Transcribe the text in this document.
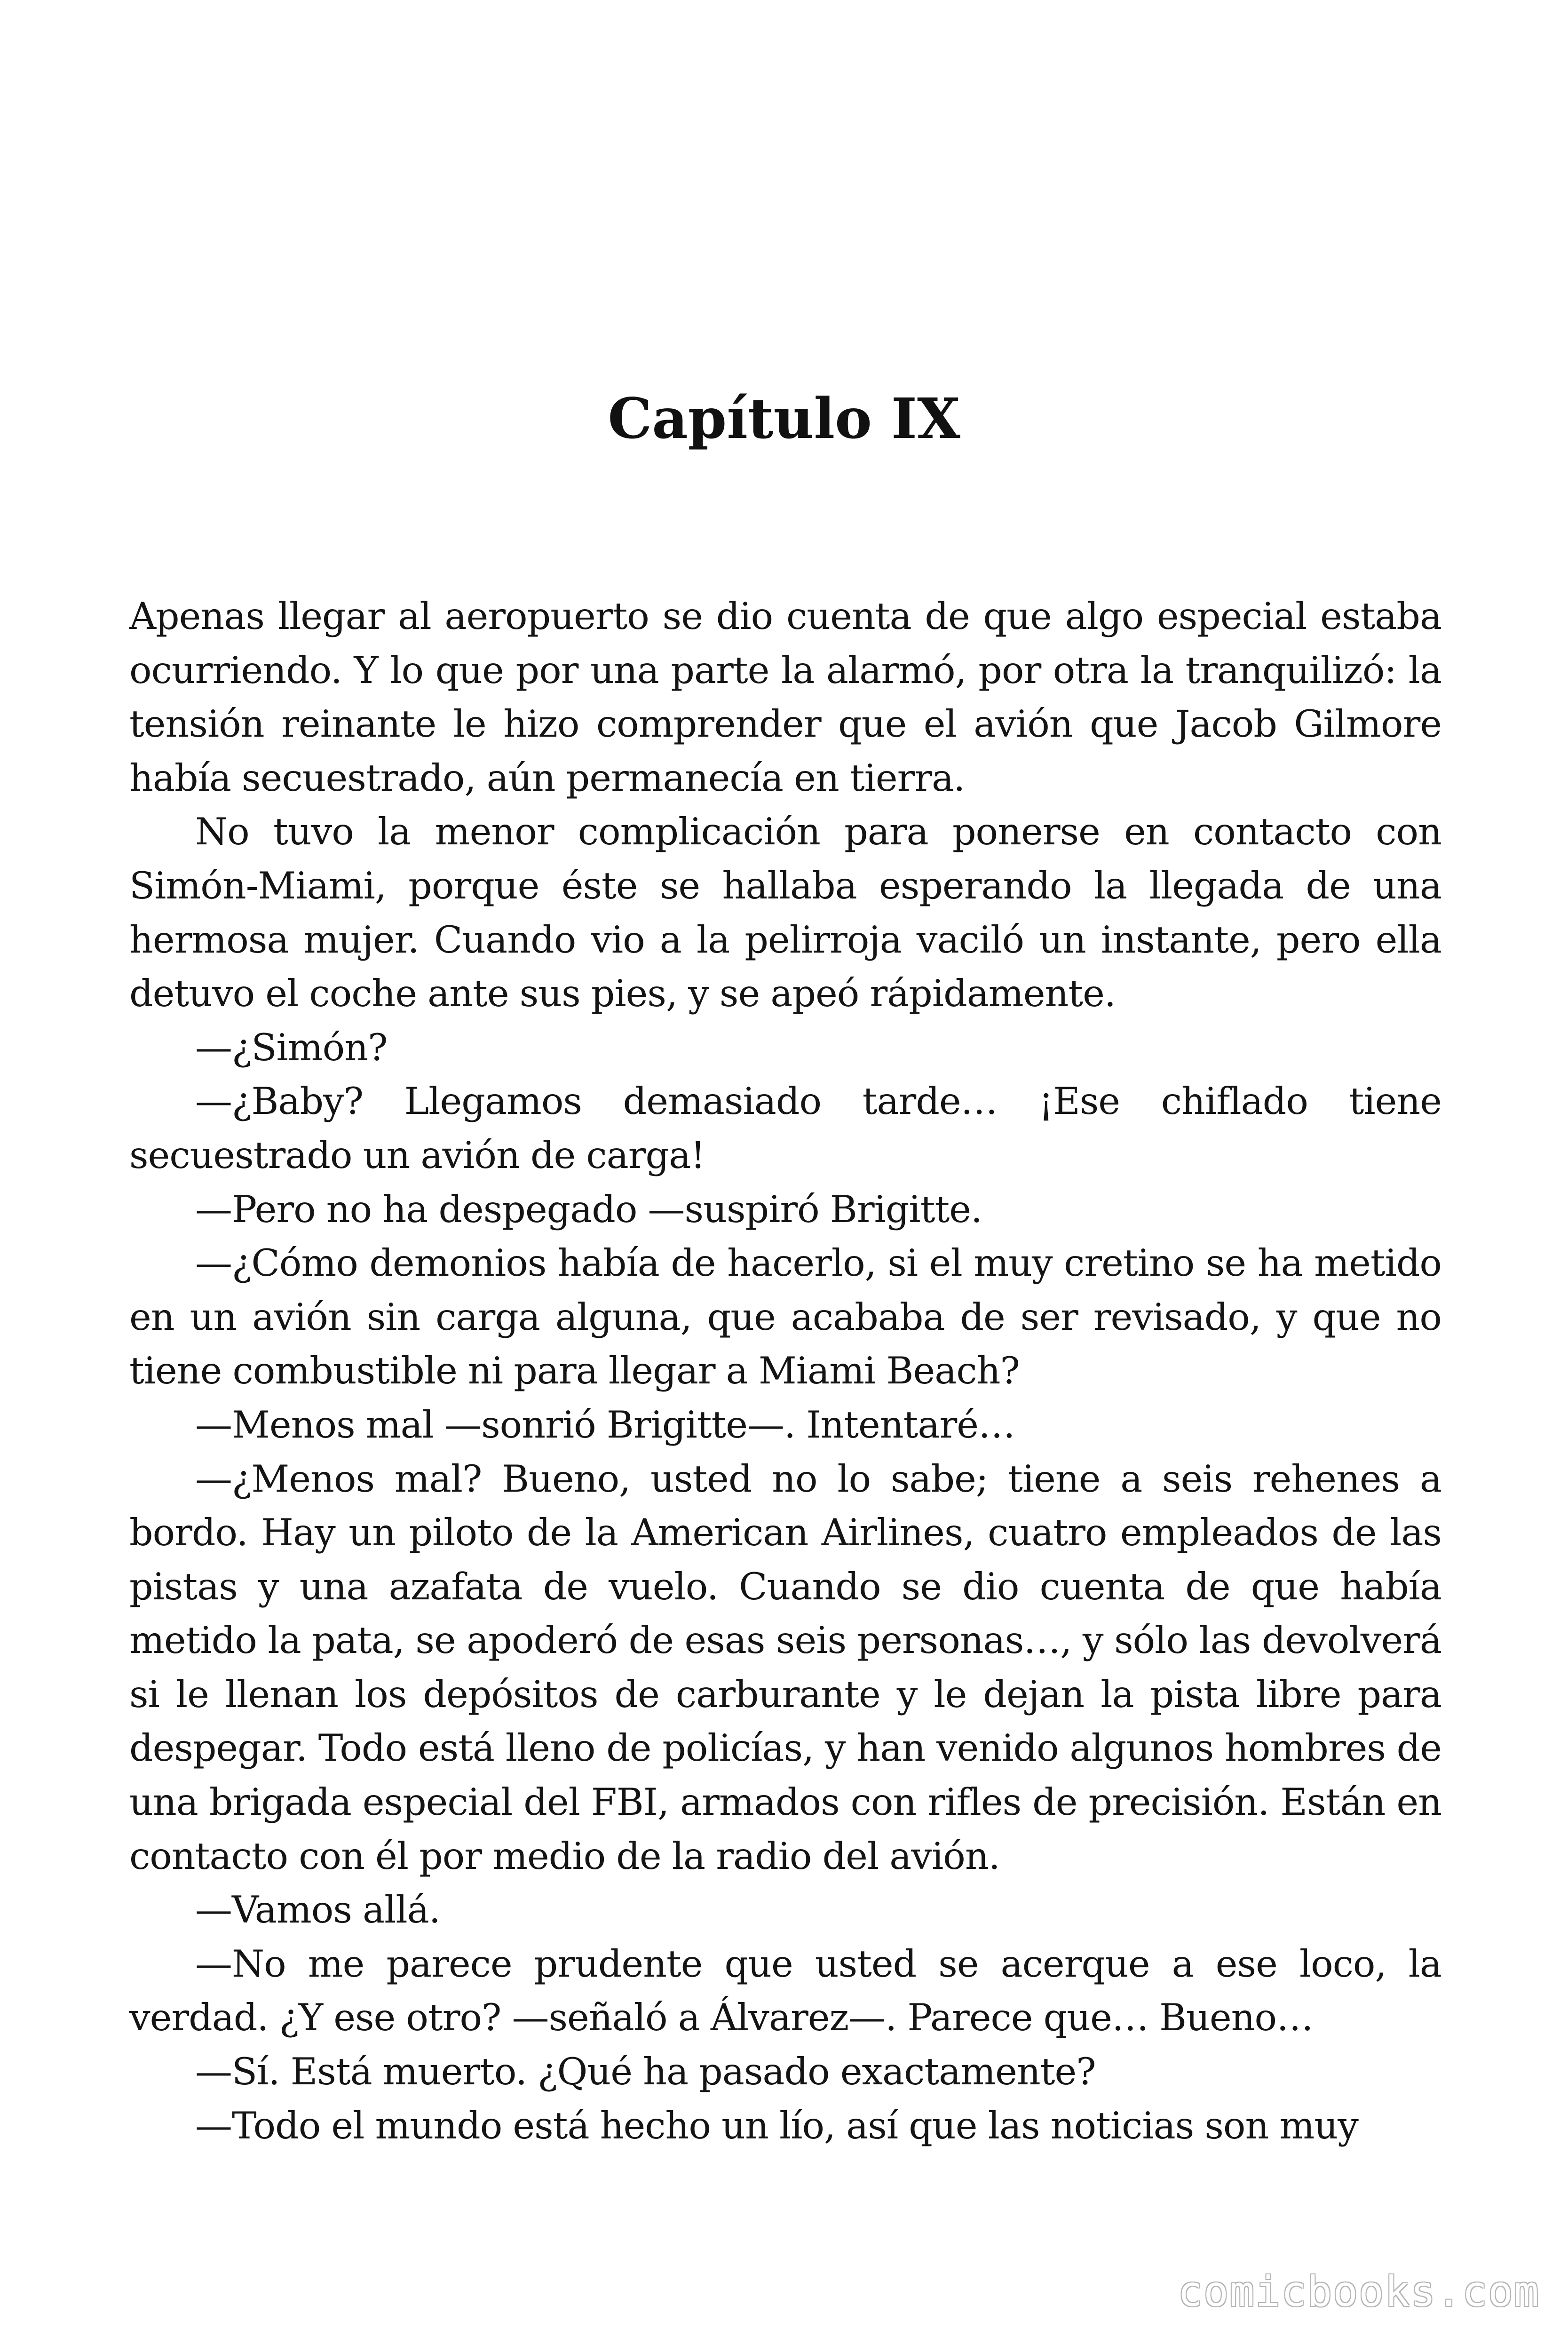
Capítulo IX

Apenas llegar al aeropuerto se dio cuenta de que algo especial estaba ocurriendo. Y lo que por una parte la alarmó, por otra la tranquilizó: la tensión reinante le hizo comprender que el avión que Jacob Gilmore había secuestrado, aún permanecía en tierra.

No tuvo la menor complicación para ponerse en contacto con Simón-Miami, porque éste se hallaba esperando la llegada de una hermosa mujer. Cuando vio a la pelirroja vaciló un instante, pero ella detuvo el coche ante sus pies, y se apeó rápidamente.

—¿Simón?

—¿Baby? Llegamos demasiado tarde… ¡Ese chiflado tiene secuestrado un avión de carga!

—Pero no ha despegado —suspiró Brigitte.

—¿Cómo demonios había de hacerlo, si el muy cretino se ha metido en un avión sin carga alguna, que acababa de ser revisado, y que no tiene combustible ni para llegar a Miami Beach?

—Menos mal —sonrió Brigitte—. Intentaré…

—¿Menos mal? Bueno, usted no lo sabe; tiene a seis rehenes a bordo. Hay un piloto de la American Airlines, cuatro empleados de las pistas y una azafata de vuelo. Cuando se dio cuenta de que había metido la pata, se apoderó de esas seis personas…, y sólo las devolverá si le llenan los depósitos de carburante y le dejan la pista libre para despegar. Todo está lleno de policías, y han venido algunos hombres de una brigada especial del FBI, armados con rifles de precisión. Están en contacto con él por medio de la radio del avión.

—Vamos allá.

—No me parece prudente que usted se acerque a ese loco, la verdad. ¿Y ese otro? —señaló a Álvarez—. Parece que… Bueno…

—Sí. Está muerto. ¿Qué ha pasado exactamente?

—Todo el mundo está hecho un lío, así que las noticias son muy

comicbooks.com
